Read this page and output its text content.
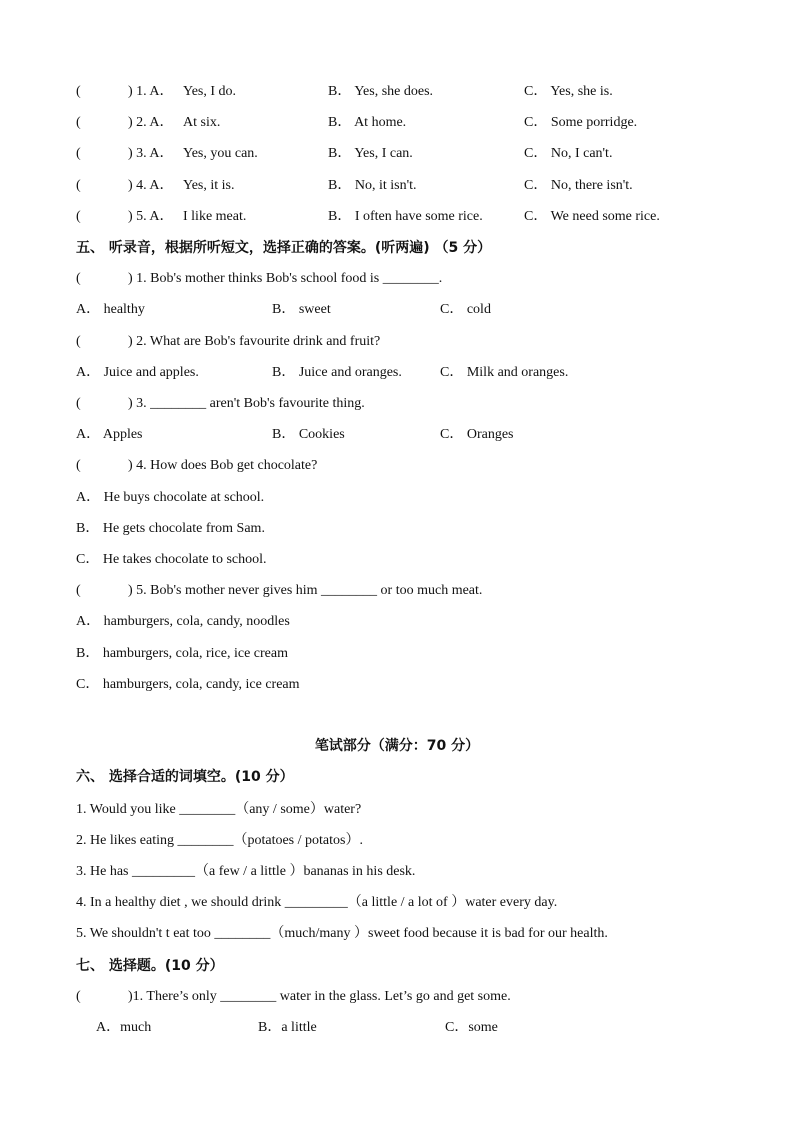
(	) 1. A． Yes, I do.	B． Yes, she does.	C． Yes, she is.
(	) 2. A． At six.	B． At home.	C． Some porridge.
(	) 3. A． Yes, you can.	B． Yes, I can.	C． No, I can't.
(	) 4. A． Yes, it is.	B． No, it isn't.	C． No, there isn't.
(	) 5. A． I like meat.	B． I often have some rice.	C． We need some rice.
五、 听录音，根据所听短文，选择正确的答案。(听两遍) （5 分）
(	) 1. Bob's mother thinks Bob's school food is ________.
A． healthy	B． sweet	C． cold
(	) 2. What are Bob's favourite drink and fruit?
A． Juice and apples.	B． Juice and oranges.	C． Milk and oranges.
(	) 3. ________ aren't Bob's favourite thing.
A． Apples	B． Cookies	C． Oranges
(	) 4. How does Bob get chocolate?
A． He buys chocolate at school.
B． He gets chocolate from Sam.
C． He takes chocolate to school.
(	) 5. Bob's mother never gives him ________ or too much meat.
A． hamburgers, cola, candy, noodles
B． hamburgers, cola, rice, ice cream
C． hamburgers, cola, candy, ice cream
笔试部分（满分：70 分）
六、 选择合适的词填空。(10 分）
1. Would you like ________（any / some）water?
2. He likes eating ________（potatoes / potatos）.
3. He has _________（a few / a little ）bananas in his desk.
4. In a healthy diet , we should drink _________（a little / a lot of ）water every day.
5. We shouldn't t eat too ________（much/many ）sweet food because it is bad for our health.
七、 选择题。(10 分）
(	)1. There’s only ________ water in the glass. Let’s go and get some.
A．much	B．a little	C．some
